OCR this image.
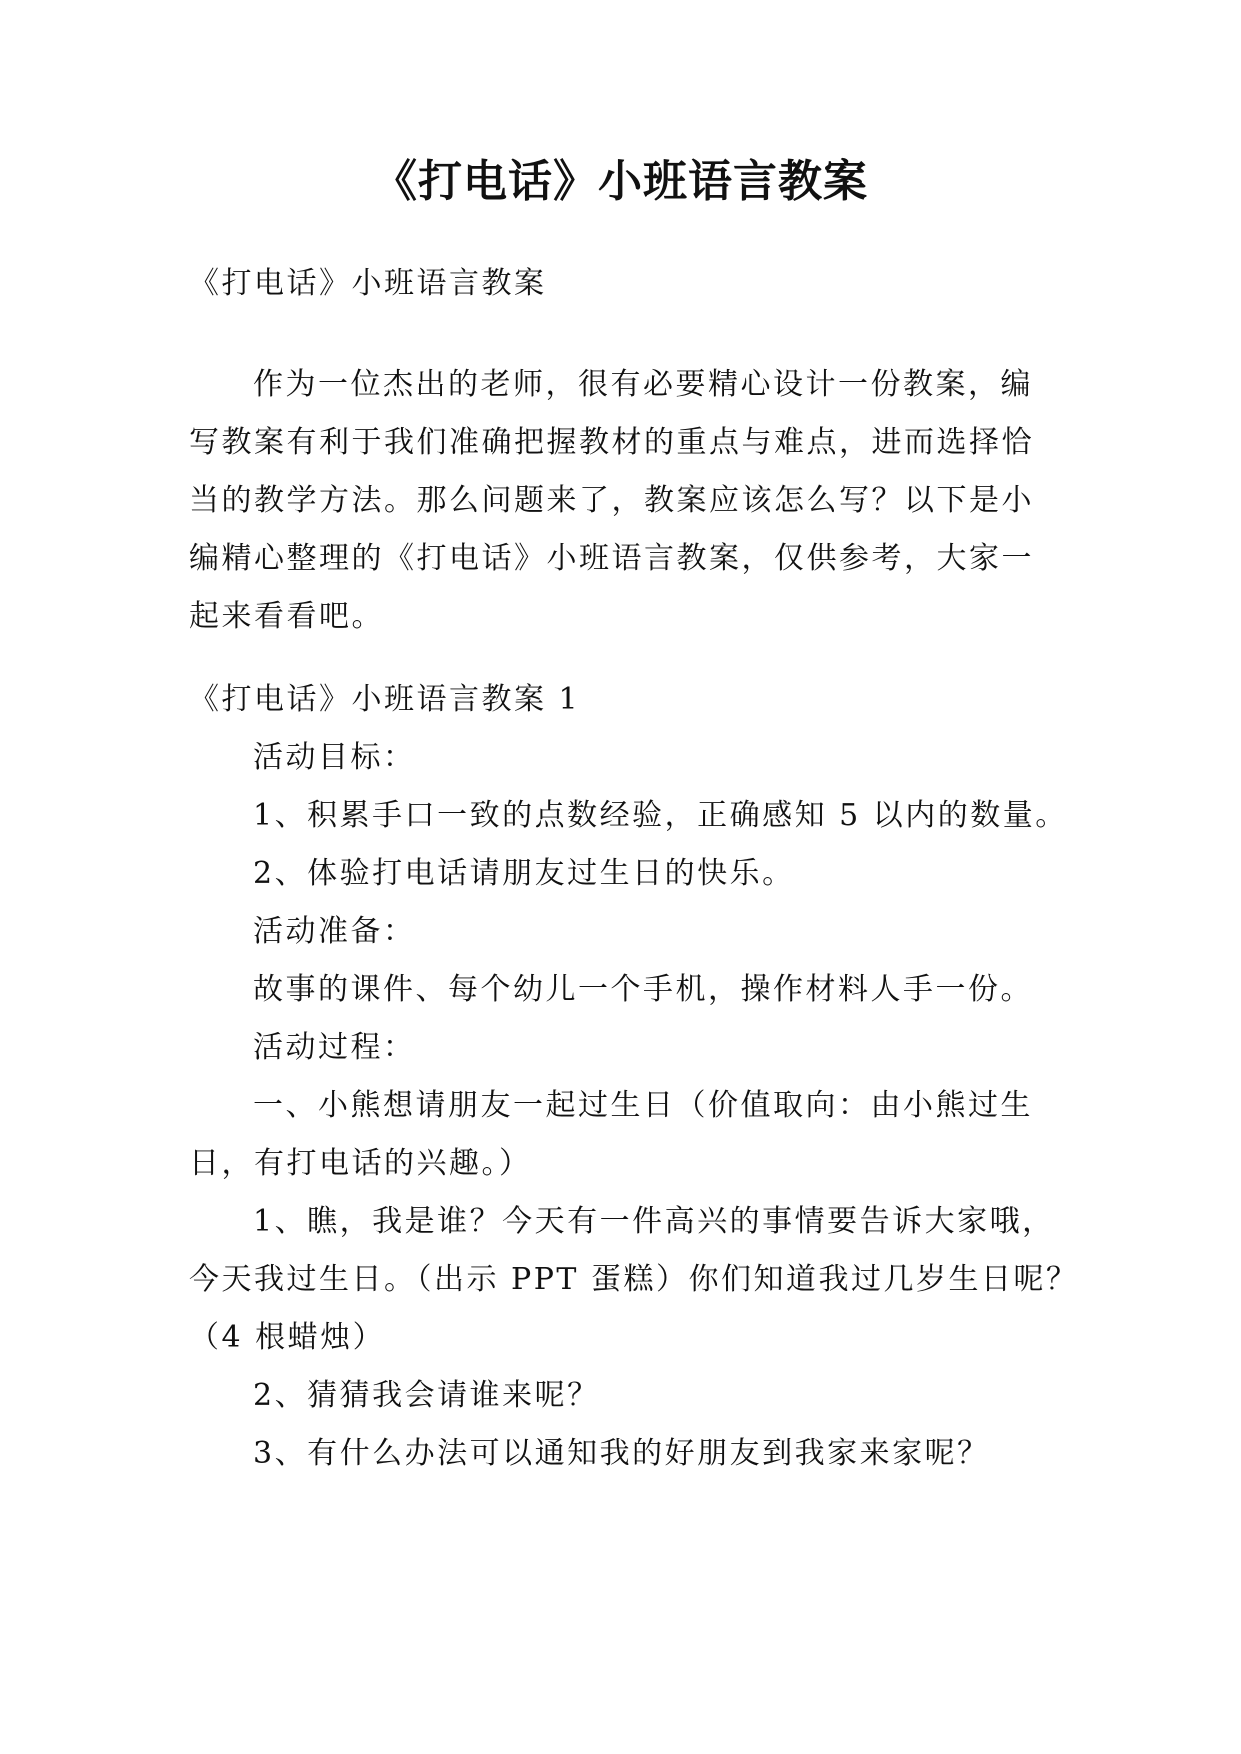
《打电话》小班语言教案
《打电话》小班语言教案
作为一位杰出的老师，很有必要精心设计一份教案，编
写教案有利于我们准确把握教材的重点与难点，进而选择恰
当的教学方法。那么问题来了，教案应该怎么写？以下是小
编精心整理的《打电话》小班语言教案，仅供参考，大家一
起来看看吧。
《打电话》小班语言教案 1
活动目标：
1、积累手口一致的点数经验，正确感知 5 以内的数量。
2、体验打电话请朋友过生日的快乐。
活动准备：
故事的课件、每个幼儿一个手机，操作材料人手一份。
活动过程：
一、小熊想请朋友一起过生日（价值取向：由小熊过生
日，有打电话的兴趣。）
1、瞧，我是谁？今天有一件高兴的事情要告诉大家哦，
今天我过生日。（出示 PPT 蛋糕）你们知道我过几岁生日呢？
（4 根蜡烛）
2、猜猜我会请谁来呢？
3、有什么办法可以通知我的好朋友到我家来家呢？
